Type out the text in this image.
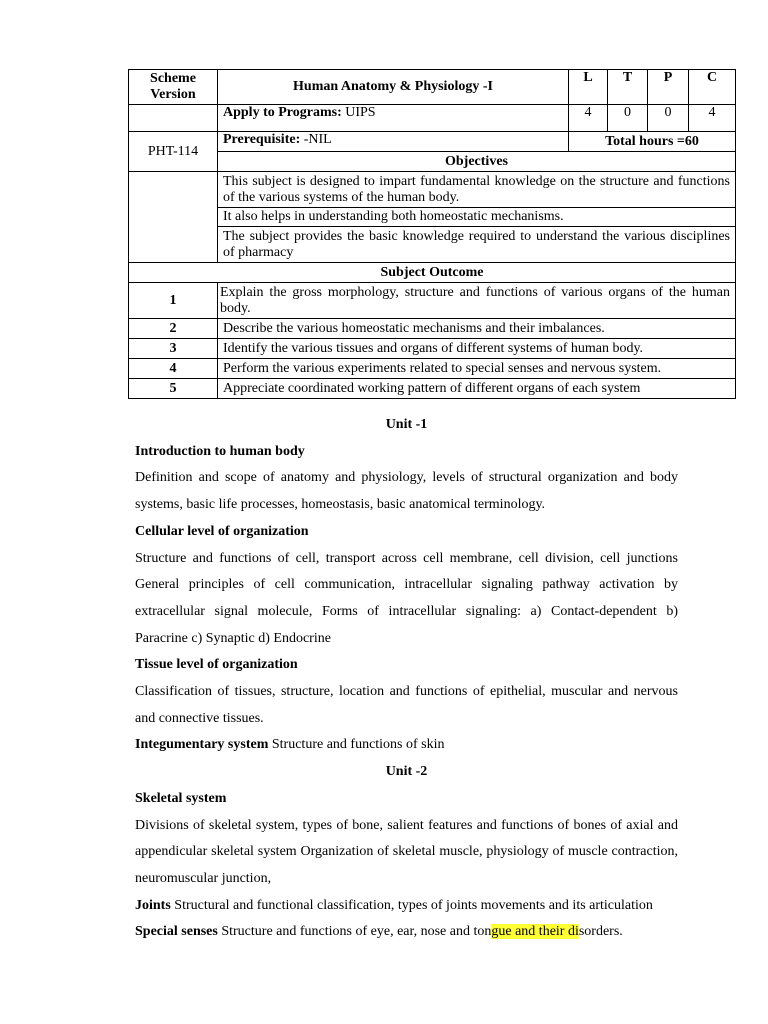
Scheme Version	Human Anatomy & Physiology -I	L	T	P	C
	Apply to Programs: UIPS	4	0	0	4
PHT-114	Prerequisite: -NIL	Total hours =60			
	Objectives				
	This subject is designed to impart fundamental knowledge on the structure and functions of the various systems of the human body.				
	It also helps in understanding both homeostatic mechanisms.				
	The subject provides the basic knowledge required to understand the various disciplines of pharmacy				
Subject Outcome					
1	Explain the gross morphology, structure and functions of various organs of the human body.				
2	Describe the various homeostatic mechanisms and their imbalances.				
3	Identify the various tissues and organs of different systems of human body.				
4	Perform the various experiments related to special senses and nervous system.				
5	Appreciate coordinated working pattern of different organs of each system				

Unit -1

Introduction to human body

Definition and scope of anatomy and physiology, levels of structural organization and body systems, basic life processes, homeostasis, basic anatomical terminology.

Cellular level of organization

Structure and functions of cell, transport across cell membrane, cell division, cell junctions General principles of cell communication, intracellular signaling pathway activation by extracellular signal molecule, Forms of intracellular signaling: a) Contact-dependent b) Paracrine c) Synaptic d) Endocrine

Tissue level of organization

Classification of tissues, structure, location and functions of epithelial, muscular and nervous and connective tissues.

Integumentary system Structure and functions of skin

Unit -2

Skeletal system

Divisions of skeletal system, types of bone, salient features and functions of bones of axial and appendicular skeletal system Organization of skeletal muscle, physiology of muscle contraction, neuromuscular junction,

Joints Structural and functional classification, types of joints movements and its articulation

Special senses Structure and functions of eye, ear, nose and tongue and their disorders.
